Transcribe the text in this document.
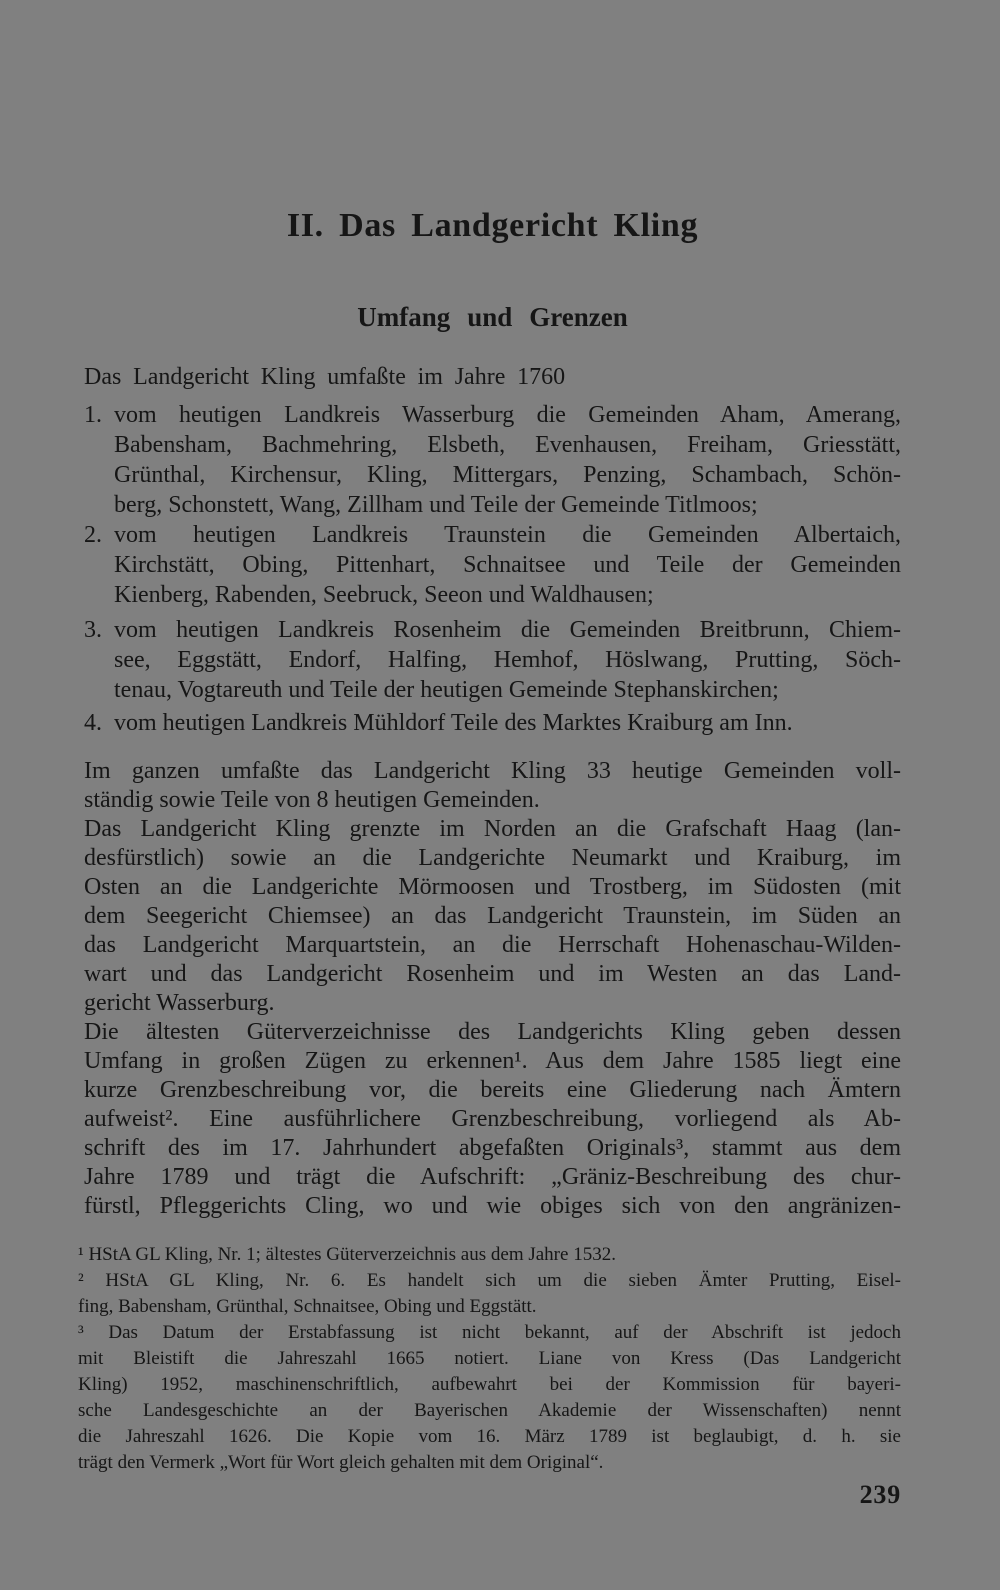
II. Das Landgericht Kling
Umfang und Grenzen
Das Landgericht Kling umfaßte im Jahre 1760
1. vom heutigen Landkreis Wasserburg die Gemeinden Aham, Amerang,
Babensham, Bachmehring, Elsbeth, Evenhausen, Freiham, Griesstätt,
Grünthal, Kirchensur, Kling, Mittergars, Penzing, Schambach, Schön-
berg, Schonstett, Wang, Zillham und Teile der Gemeinde Titlmoos;
2. vom heutigen Landkreis Traunstein die Gemeinden Albertaich,
Kirchstätt, Obing, Pittenhart, Schnaitsee und Teile der Gemeinden
Kienberg, Rabenden, Seebruck, Seeon und Waldhausen;
3. vom heutigen Landkreis Rosenheim die Gemeinden Breitbrunn, Chiem-
see, Eggstätt, Endorf, Halfing, Hemhof, Höslwang, Prutting, Söch-
tenau, Vogtareuth und Teile der heutigen Gemeinde Stephanskirchen;
4. vom heutigen Landkreis Mühldorf Teile des Marktes Kraiburg am Inn.
Im ganzen umfaßte das Landgericht Kling 33 heutige Gemeinden voll-
ständig sowie Teile von 8 heutigen Gemeinden.
Das Landgericht Kling grenzte im Norden an die Grafschaft Haag (lan-
desfürstlich) sowie an die Landgerichte Neumarkt und Kraiburg, im
Osten an die Landgerichte Mörmoosen und Trostberg, im Südosten (mit
dem Seegericht Chiemsee) an das Landgericht Traunstein, im Süden an
das Landgericht Marquartstein, an die Herrschaft Hohenaschau-Wilden-
wart und das Landgericht Rosenheim und im Westen an das Land-
gericht Wasserburg.
Die ältesten Güterverzeichnisse des Landgerichts Kling geben dessen
Umfang in großen Zügen zu erkennen¹. Aus dem Jahre 1585 liegt eine
kurze Grenzbeschreibung vor, die bereits eine Gliederung nach Ämtern
aufweist². Eine ausführlichere Grenzbeschreibung, vorliegend als Ab-
schrift des im 17. Jahrhundert abgefaßten Originals³, stammt aus dem
Jahre 1789 und trägt die Aufschrift: „Gräniz-Beschreibung des chur-
fürstl, Pfleggerichts Cling, wo und wie obiges sich von den angränizen-
¹ HStA GL Kling, Nr. 1; ältestes Güterverzeichnis aus dem Jahre 1532.
² HStA GL Kling, Nr. 6. Es handelt sich um die sieben Ämter Prutting, Eisel-
fing, Babensham, Grünthal, Schnaitsee, Obing und Eggstätt.
³ Das Datum der Erstabfassung ist nicht bekannt, auf der Abschrift ist jedoch
mit Bleistift die Jahreszahl 1665 notiert. Liane von Kress (Das Landgericht
Kling) 1952, maschinenschriftlich, aufbewahrt bei der Kommission für bayeri-
sche Landesgeschichte an der Bayerischen Akademie der Wissenschaften) nennt
die Jahreszahl 1626. Die Kopie vom 16. März 1789 ist beglaubigt, d. h. sie
trägt den Vermerk „Wort für Wort gleich gehalten mit dem Original“.
239
